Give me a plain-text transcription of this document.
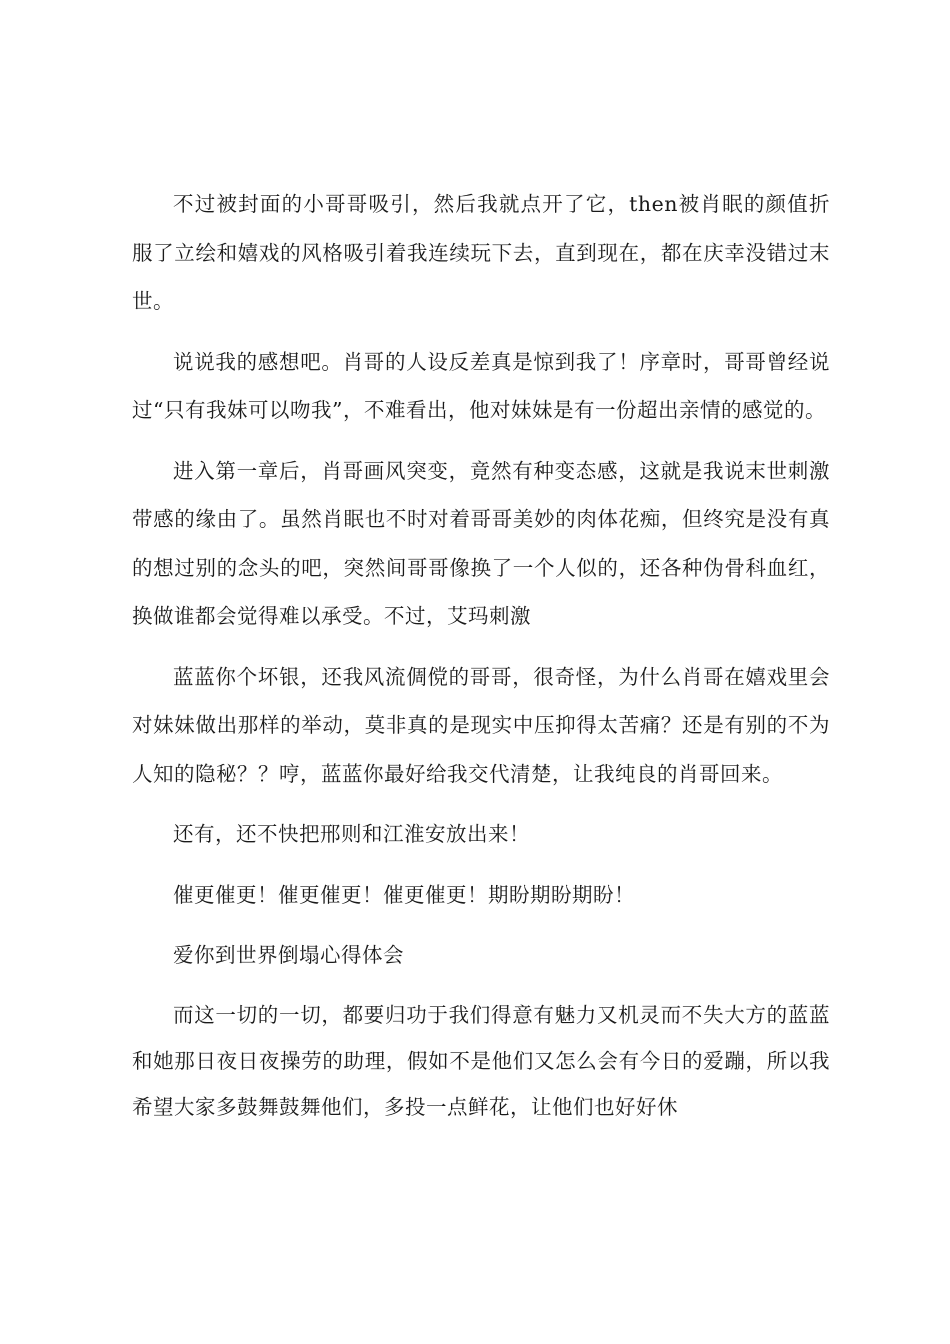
不过被封面的小哥哥吸引，然后我就点开了它，then被肖眠的颜值折服了立绘和嬉戏的风格吸引着我连续玩下去，直到现在，都在庆幸没错过末世。

说说我的感想吧。肖哥的人设反差真是惊到我了！序章时，哥哥曾经说过“只有我妹可以吻我”，不难看出，他对妹妹是有一份超出亲情的感觉的。

进入第一章后，肖哥画风突变，竟然有种变态感，这就是我说末世刺激带感的缘由了。虽然肖眠也不时对着哥哥美妙的肉体花痴，但终究是没有真的想过别的念头的吧，突然间哥哥像换了一个人似的，还各种伪骨科血红，换做谁都会觉得难以承受。不过，艾玛刺激

蓝蓝你个坏银，还我风流倜傥的哥哥，很奇怪，为什么肖哥在嬉戏里会对妹妹做出那样的举动，莫非真的是现实中压抑得太苦痛？还是有别的不为人知的隐秘？？哼，蓝蓝你最好给我交代清楚，让我纯良的肖哥回来。

还有，还不快把邢则和江淮安放出来！

催更催更！催更催更！催更催更！期盼期盼期盼！

爱你到世界倒塌心得体会

而这一切的一切，都要归功于我们得意有魅力又机灵而不失大方的蓝蓝和她那日夜日夜操劳的助理，假如不是他们又怎么会有今日的爱蹦，所以我希望大家多鼓舞鼓舞他们，多投一点鲜花，让他们也好好休
